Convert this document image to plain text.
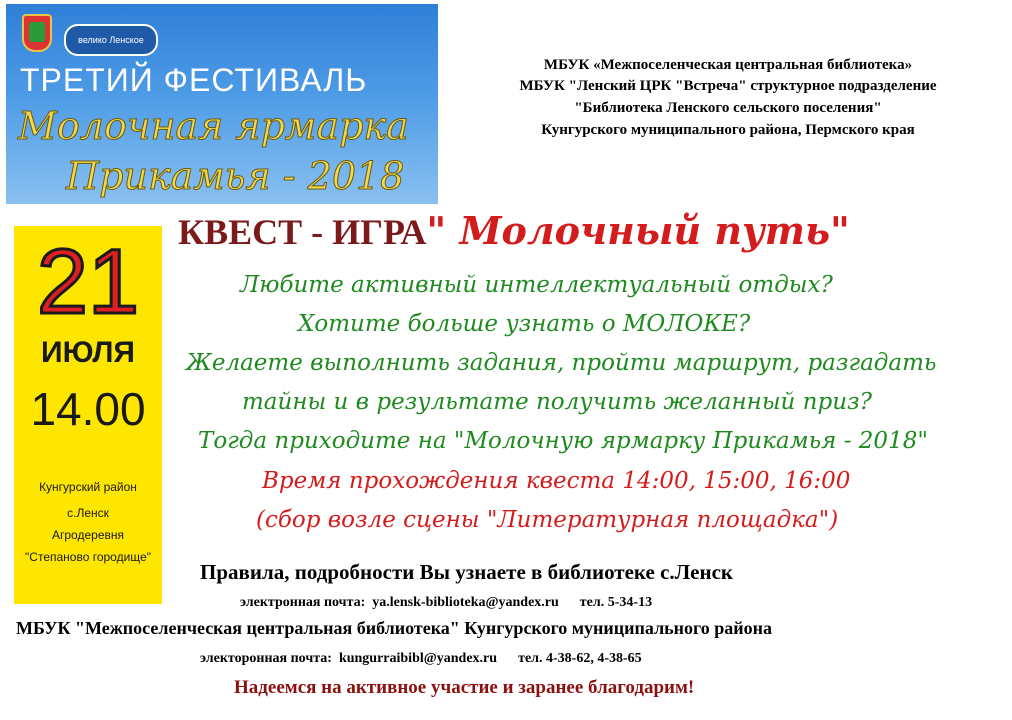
вели​ко Ленское
ТРЕТИЙ ФЕСТИВАЛЬ
Молочная ярмарка
Прикамья - 2018
МБУК «Межпоселенческая центральная библиотека»
МБУК "Ленский ЦРК "Встреча" структурное подразделение
"Библиотека Ленского сельского поселения"
Кунгурского муниципального района, Пермского края
КВЕСТ - ИГРА" Молочный путь"
21
ИЮЛЯ
14.00
Кунгурский район
с.Ленск
Агродеревня
"Степаново городище"
Любите активный интеллектуальный отдых?
Хотите больше узнать о МОЛОКЕ?
Желаете выполнить задания, пройти маршрут, разгадать
тайны и в результате получить желанный приз?
Тогда приходите на "Молочную ярмарку Прикамья - 2018"
Время прохождения квеста 14:00, 15:00, 16:00
(сбор возле сцены "Литературная площадка")
Правила, подробности Вы узнаете в библиотеке с.Ленск
электронная почта: ya.lensk-biblioteka@yandex.ru тел. 5-34-13
МБУК "Межпоселенческая центральная библиотека" Кунгурского муниципального района
электоронная почта: kungurraibibl@yandex.ru тел. 4-38-62, 4-38-65
Надеемся на активное участие и заранее благодарим!
